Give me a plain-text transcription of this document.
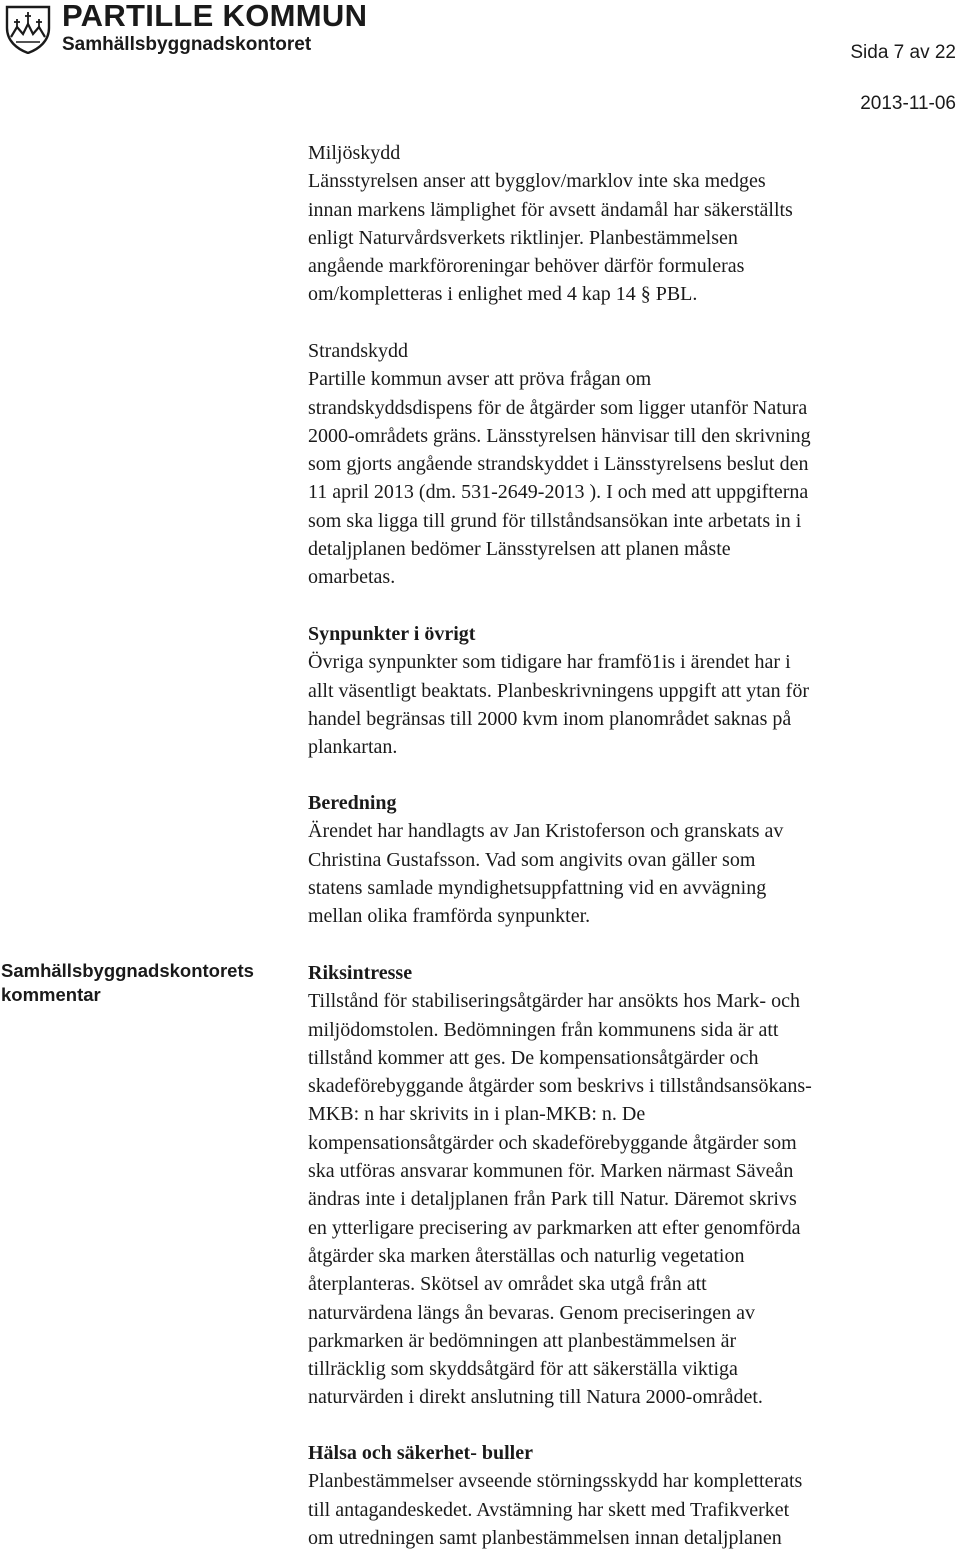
PARTILLE KOMMUN
Samhällsbyggnadskontoret	Sida 7 av 22
2013-11-06
Samhällsbyggnadskontorets
kommentar
Miljöskydd
Länsstyrelsen anser att bygglov/marklov inte ska medges
innan markens lämplighet för avsett ändamål har säkerställts
enligt Naturvårdsverkets riktlinjer. Planbestämmelsen
angående markföroreningar behöver därför formuleras
om/kompletteras i enlighet med 4 kap 14 § PBL.
Strandskydd
Partille kommun avser att pröva frågan om
strandskyddsdispens för de åtgärder som ligger utanför Natura
2000-områdets gräns. Länsstyrelsen hänvisar till den skrivning
som gjorts angående strandskyddet i Länsstyrelsens beslut den
11 april 2013 (dm. 531-2649-2013 ). I och med att uppgifterna
som ska ligga till grund för tillståndsansökan inte arbetats in i
detaljplanen bedömer Länsstyrelsen att planen måste
omarbetas.
Synpunkter i övrigt
Övriga synpunkter som tidigare har framfö1is i ärendet har i
allt väsentligt beaktats. Planbeskrivningens uppgift att ytan för
handel begränsas till 2000 kvm inom planområdet saknas på
plankartan.
Beredning
Ärendet har handlagts av Jan Kristoferson och granskats av
Christina Gustafsson. Vad som angivits ovan gäller som
statens samlade myndighetsuppfattning vid en avvägning
mellan olika framförda synpunkter.
Riksintresse
Tillstånd för stabiliseringsåtgärder har ansökts hos Mark- och
miljödomstolen. Bedömningen från kommunens sida är att
tillstånd kommer att ges. De kompensationsåtgärder och
skadeförebyggande åtgärder som beskrivs i tillståndsansökans-
MKB: n har skrivits in i plan-MKB: n. De
kompensationsåtgärder och skadeförebyggande åtgärder som
ska utföras ansvarar kommunen för. Marken närmast Säveån
ändras inte i detaljplanen från Park till Natur. Däremot skrivs
en ytterligare precisering av parkmarken att efter genomförda
åtgärder ska marken återställas och naturlig vegetation
återplanteras. Skötsel av området ska utgå från att
naturvärdena längs ån bevaras. Genom preciseringen av
parkmarken är bedömningen att planbestämmelsen är
tillräcklig som skyddsåtgärd för att säkerställa viktiga
naturvärden i direkt anslutning till Natura 2000-området.
Hälsa och säkerhet- buller
Planbestämmelser avseende störningsskydd har kompletterats
till antagandeskedet. Avstämning har skett med Trafikverket
om utredningen samt planbestämmelsen innan detaljplanen
